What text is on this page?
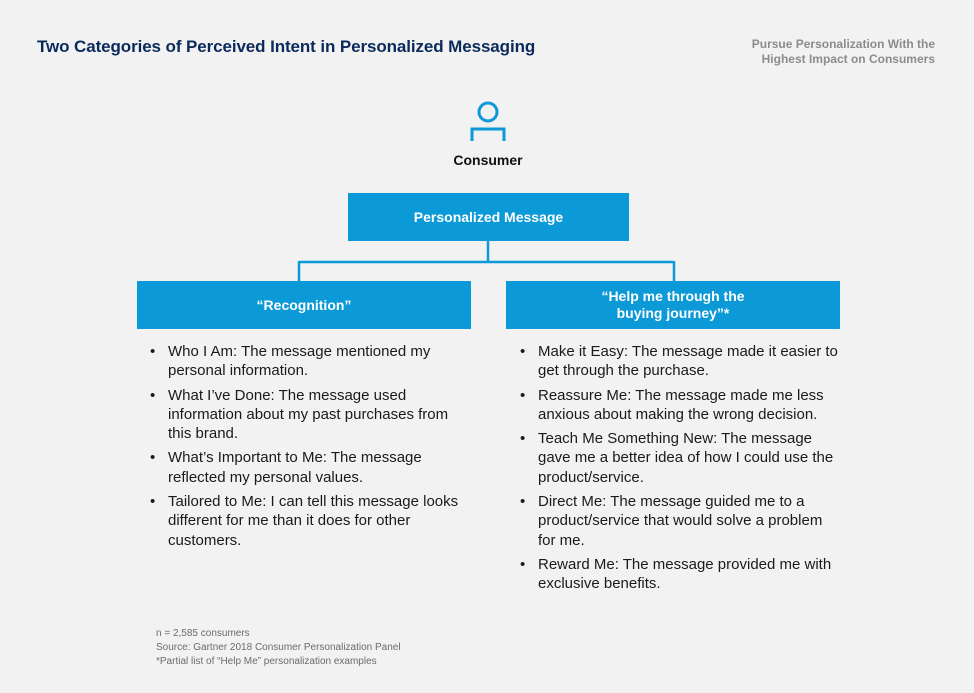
Two Categories of Perceived Intent in Personalized Messaging	Pursue Personalization With the
Highest Impact on Consumers
Consumer
Personalized Message
“Recognition”
“Help me through the
buying journey”*
• Who I Am: The message mentioned my personal information.
• What I’ve Done: The message used information about my past purchases from this brand.
• What’s Important to Me: The message reflected my personal values.
• Tailored to Me: I can tell this message looks different for me than it does for other customers.
• Make it Easy: The message made it easier to get through the purchase.
• Reassure Me: The message made me less anxious about making the wrong decision.
• Teach Me Something New: The message gave me a better idea of how I could use the product/service.
• Direct Me: The message guided me to a product/service that would solve a problem for me.
• Reward Me: The message provided me with exclusive benefits.
n = 2,585 consumers
Source: Gartner 2018 Consumer Personalization Panel
*Partial list of “Help Me” personalization examples
